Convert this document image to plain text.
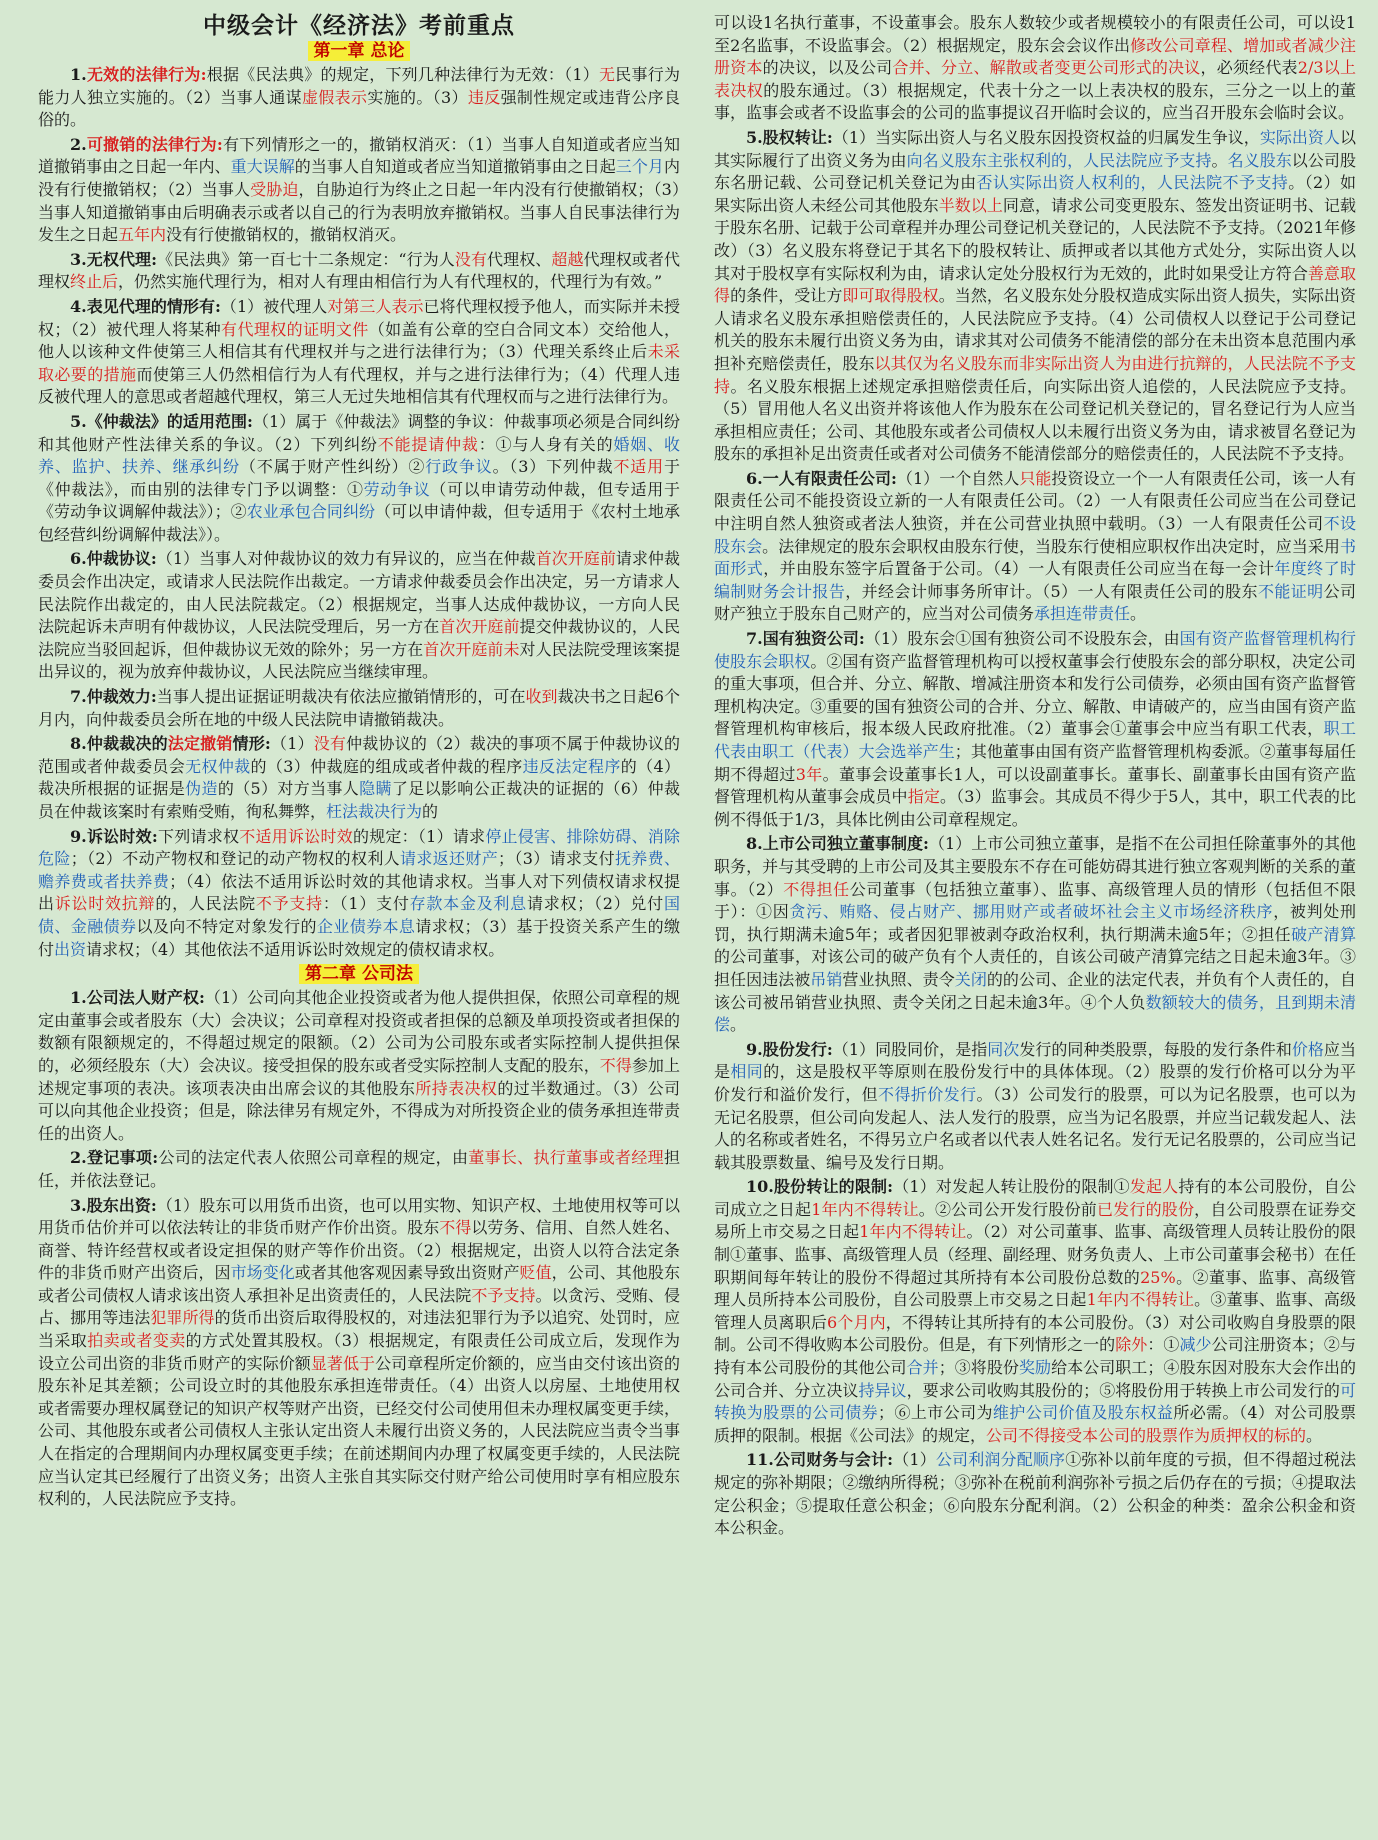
中级会计《经济法》考前重点
第一章 总论

1.无效的法律行为:根据《民法典》的规定，下列几种法律行为无效：（1）无民事行为能力人独立实施的。（2）当事人通谋虚假表示实施的。（3）违反强制性规定或违背公序良俗的。

2.可撤销的法律行为:有下列情形之一的，撤销权消灭：（1）当事人自知道或者应当知道撤销事由之日起一年内、重大误解的当事人自知道或者应当知道撤销事由之日起三个月内没有行使撤销权；（2）当事人受胁迫，自胁迫行为终止之日起一年内没有行使撤销权；（3）当事人知道撤销事由后明确表示或者以自己的行为表明放弃撤销权。当事人自民事法律行为发生之日起五年内没有行使撤销权的，撤销权消灭。

3.无权代理:《民法典》第一百七十二条规定：“行为人没有代理权、超越代理权或者代理权终止后，仍然实施代理行为，相对人有理由相信行为人有代理权的，代理行为有效。”

4.表见代理的情形有:（1）被代理人对第三人表示已将代理权授予他人，而实际并未授权；（2）被代理人将某种有代理权的证明文件（如盖有公章的空白合同文本）交给他人，他人以该种文件使第三人相信其有代理权并与之进行法律行为；（3）代理关系终止后未采取必要的措施而使第三人仍然相信行为人有代理权，并与之进行法律行为；（4）代理人违反被代理人的意思或者超越代理权，第三人无过失地相信其有代理权而与之进行法律行为。

5.《仲裁法》的适用范围:（1）属于《仲裁法》调整的争议：仲裁事项必须是合同纠纷和其他财产性法律关系的争议。（2）下列纠纷不能提请仲裁：①与人身有关的婚姻、收养、监护、扶养、继承纠纷（不属于财产性纠纷）②行政争议。（3）下列仲裁不适用于《仲裁法》，而由别的法律专门予以调整：①劳动争议（可以申请劳动仲裁，但专适用于《劳动争议调解仲裁法》）；②农业承包合同纠纷（可以申请仲裁，但专适用于《农村土地承包经营纠纷调解仲裁法》）。

6.仲裁协议:（1）当事人对仲裁协议的效力有异议的，应当在仲裁首次开庭前请求仲裁委员会作出决定，或请求人民法院作出裁定。一方请求仲裁委员会作出决定，另一方请求人民法院作出裁定的，由人民法院裁定。（2）根据规定，当事人达成仲裁协议，一方向人民法院起诉未声明有仲裁协议，人民法院受理后，另一方在首次开庭前提交仲裁协议的，人民法院应当驳回起诉，但仲裁协议无效的除外；另一方在首次开庭前未对人民法院受理该案提出异议的，视为放弃仲裁协议，人民法院应当继续审理。

7.仲裁效力:当事人提出证据证明裁决有依法应撤销情形的，可在收到裁决书之日起6个月内，向仲裁委员会所在地的中级人民法院申请撤销裁决。

8.仲裁裁决的法定撤销情形:（1）没有仲裁协议的（2）裁决的事项不属于仲裁协议的范围或者仲裁委员会无权仲裁的（3）仲裁庭的组成或者仲裁的程序违反法定程序的（4）裁决所根据的证据是伪造的（5）对方当事人隐瞒了足以影响公正裁决的证据的（6）仲裁员在仲裁该案时有索贿受贿，徇私舞弊，枉法裁决行为的

9.诉讼时效:下列请求权不适用诉讼时效的规定：（1）请求停止侵害、排除妨碍、消除危险；（2）不动产物权和登记的动产物权的权利人请求返还财产；（3）请求支付抚养费、赡养费或者扶养费；（4）依法不适用诉讼时效的其他请求权。当事人对下列债权请求权提出诉讼时效抗辩的，人民法院不予支持：（1）支付存款本金及利息请求权；（2）兑付国债、金融债券以及向不特定对象发行的企业债券本息请求权；（3）基于投资关系产生的缴付出资请求权；（4）其他依法不适用诉讼时效规定的债权请求权。

第二章 公司法

1.公司法人财产权:（1）公司向其他企业投资或者为他人提供担保，依照公司章程的规定由董事会或者股东（大）会决议；公司章程对投资或者担保的总额及单项投资或者担保的数额有限额规定的，不得超过规定的限额。（2）公司为公司股东或者实际控制人提供担保的，必须经股东（大）会决议。接受担保的股东或者受实际控制人支配的股东，不得参加上述规定事项的表决。该项表决由出席会议的其他股东所持表决权的过半数通过。（3）公司可以向其他企业投资；但是，除法律另有规定外，不得成为对所投资企业的债务承担连带责任的出资人。

2.登记事项:公司的法定代表人依照公司章程的规定，由董事长、执行董事或者经理担任，并依法登记。

3.股东出资:（1）股东可以用货币出资，也可以用实物、知识产权、土地使用权等可以用货币估价并可以依法转让的非货币财产作价出资。股东不得以劳务、信用、自然人姓名、商誉、特许经营权或者设定担保的财产等作价出资。（2）根据规定，出资人以符合法定条件的非货币财产出资后，因市场变化或者其他客观因素导致出资财产贬值，公司、其他股东或者公司债权人请求该出资人承担补足出资责任的，人民法院不予支持。以贪污、受贿、侵占、挪用等违法犯罪所得的货币出资后取得股权的，对违法犯罪行为予以追究、处罚时，应当采取拍卖或者变卖的方式处置其股权。（3）根据规定，有限责任公司成立后，发现作为设立公司出资的非货币财产的实际价额显著低于公司章程所定价额的，应当由交付该出资的股东补足其差额；公司设立时的其他股东承担连带责任。（4）出资人以房屋、土地使用权或者需要办理权属登记的知识产权等财产出资，已经交付公司使用但未办理权属变更手续，公司、其他股东或者公司债权人主张认定出资人未履行出资义务的，人民法院应当责令当事人在指定的合理期间内办理权属变更手续；在前述期间内办理了权属变更手续的，人民法院应当认定其已经履行了出资义务；出资人主张自其实际交付财产给公司使用时享有相应股东权利的，人民法院应予支持。

可以设1名执行董事，不设董事会。股东人数较少或者规模较小的有限责任公司，可以设1至2名监事，不设监事会。（2）根据规定，股东会会议作出修改公司章程、增加或者减少注册资本的决议，以及公司合并、分立、解散或者变更公司形式的决议，必须经代表2/3以上表决权的股东通过。（3）根据规定，代表十分之一以上表决权的股东，三分之一以上的董事，监事会或者不设监事会的公司的监事提议召开临时会议的，应当召开股东会临时会议。

5.股权转让:（1）当实际出资人与名义股东因投资权益的归属发生争议，实际出资人以其实际履行了出资义务为由向名义股东主张权利的，人民法院应予支持。名义股东以公司股东名册记载、公司登记机关登记为由否认实际出资人权利的，人民法院不予支持。（2）如果实际出资人未经公司其他股东半数以上同意，请求公司变更股东、签发出资证明书、记载于股东名册、记载于公司章程并办理公司登记机关登记的，人民法院不予支持。（2021年修改）（3）名义股东将登记于其名下的股权转让、质押或者以其他方式处分，实际出资人以其对于股权享有实际权利为由，请求认定处分股权行为无效的，此时如果受让方符合善意取得的条件，受让方即可取得股权。当然，名义股东处分股权造成实际出资人损失，实际出资人请求名义股东承担赔偿责任的，人民法院应予支持。（4）公司债权人以登记于公司登记机关的股东未履行出资义务为由，请求其对公司债务不能清偿的部分在未出资本息范围内承担补充赔偿责任，股东以其仅为名义股东而非实际出资人为由进行抗辩的，人民法院不予支持。名义股东根据上述规定承担赔偿责任后，向实际出资人追偿的，人民法院应予支持。（5）冒用他人名义出资并将该他人作为股东在公司登记机关登记的，冒名登记行为人应当承担相应责任；公司、其他股东或者公司债权人以未履行出资义务为由，请求被冒名登记为股东的承担补足出资责任或者对公司债务不能清偿部分的赔偿责任的，人民法院不予支持。

6.一人有限责任公司:（1）一个自然人只能投资设立一个一人有限责任公司，该一人有限责任公司不能投资设立新的一人有限责任公司。（2）一人有限责任公司应当在公司登记中注明自然人独资或者法人独资，并在公司营业执照中载明。（3）一人有限责任公司不设股东会。法律规定的股东会职权由股东行使，当股东行使相应职权作出决定时，应当采用书面形式，并由股东签字后置备于公司。（4）一人有限责任公司应当在每一会计年度终了时编制财务会计报告，并经会计师事务所审计。（5）一人有限责任公司的股东不能证明公司财产独立于股东自己财产的，应当对公司债务承担连带责任。

7.国有独资公司:（1）股东会①国有独资公司不设股东会，由国有资产监督管理机构行使股东会职权。②国有资产监督管理机构可以授权董事会行使股东会的部分职权，决定公司的重大事项，但合并、分立、解散、增减注册资本和发行公司债券，必须由国有资产监督管理机构决定。③重要的国有独资公司的合并、分立、解散、申请破产的，应当由国有资产监督管理机构审核后，报本级人民政府批准。（2）董事会①董事会中应当有职工代表，职工代表由职工（代表）大会选举产生；其他董事由国有资产监督管理机构委派。②董事每届任期不得超过3年。董事会设董事长1人，可以设副董事长。董事长、副董事长由国有资产监督管理机构从董事会成员中指定。（3）监事会。其成员不得少于5人，其中，职工代表的比例不得低于1/3，具体比例由公司章程规定。

8.上市公司独立董事制度:（1）上市公司独立董事，是指不在公司担任除董事外的其他职务，并与其受聘的上市公司及其主要股东不存在可能妨碍其进行独立客观判断的关系的董事。（2）不得担任公司董事（包括独立董事）、监事、高级管理人员的情形（包括但不限于）：①因贪污、贿赂、侵占财产、挪用财产或者破坏社会主义市场经济秩序，被判处刑罚，执行期满未逾5年；或者因犯罪被剥夺政治权利，执行期满未逾5年；②担任破产清算的公司董事，对该公司的破产负有个人责任的，自该公司破产清算完结之日起未逾3年。③担任因违法被吊销营业执照、责令关闭的的公司、企业的法定代表，并负有个人责任的，自该公司被吊销营业执照、责令关闭之日起未逾3年。④个人负数额较大的债务，且到期未清偿。

9.股份发行:（1）同股同价，是指同次发行的同种类股票，每股的发行条件和价格应当是相同的，这是股权平等原则在股份发行中的具体体现。（2）股票的发行价格可以分为平价发行和溢价发行，但不得折价发行。（3）公司发行的股票，可以为记名股票，也可以为无记名股票，但公司向发起人、法人发行的股票，应当为记名股票，并应当记载发起人、法人的名称或者姓名，不得另立户名或者以代表人姓名记名。发行无记名股票的，公司应当记载其股票数量、编号及发行日期。

10.股份转让的限制:（1）对发起人转让股份的限制①发起人持有的本公司股份，自公司成立之日起1年内不得转让。②公司公开发行股份前已发行的股份，自公司股票在证券交易所上市交易之日起1年内不得转让。（2）对公司董事、监事、高级管理人员转让股份的限制①董事、监事、高级管理人员（经理、副经理、财务负责人、上市公司董事会秘书）在任职期间每年转让的股份不得超过其所持有本公司股份总数的25%。②董事、监事、高级管理人员所持本公司股份，自公司股票上市交易之日起1年内不得转让。③董事、监事、高级管理人员离职后6个月内，不得转让其所持有的本公司股份。（3）对公司收购自身股票的限制。公司不得收购本公司股份。但是，有下列情形之一的除外：①减少公司注册资本；②与持有本公司股份的其他公司合并；③将股份奖励给本公司职工；④股东因对股东大会作出的公司合并、分立决议持异议，要求公司收购其股份的；⑤将股份用于转换上市公司发行的可转换为股票的公司债券；⑥上市公司为维护公司价值及股东权益所必需。（4）对公司股票质押的限制。根据《公司法》的规定，公司不得接受本公司的股票作为质押权的标的。

11.公司财务与会计:（1）公司利润分配顺序①弥补以前年度的亏损，但不得超过税法规定的弥补期限；②缴纳所得税；③弥补在税前利润弥补亏损之后仍存在的亏损；④提取法定公积金；⑤提取任意公积金；⑥向股东分配利润。（2）公积金的种类：盈余公积金和资本公积金。
